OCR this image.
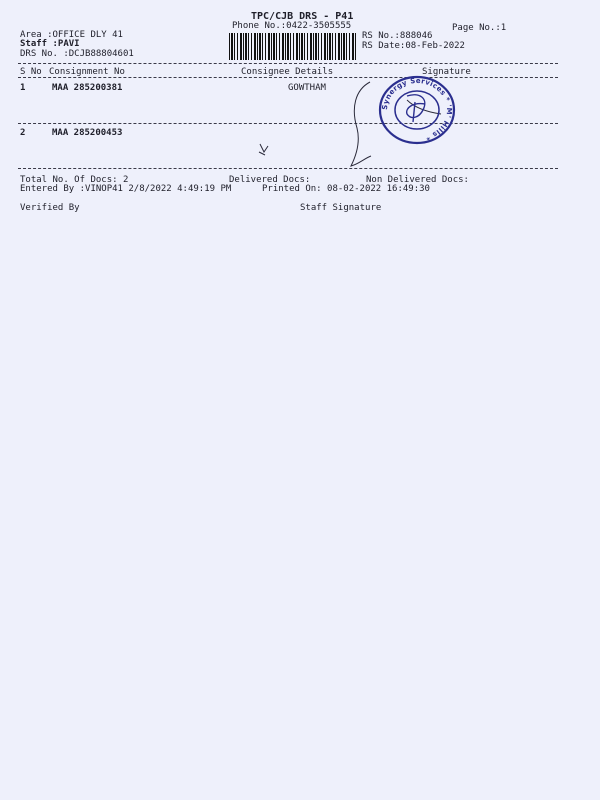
TPC/CJB DRS - P41
Phone No.:0422-3505555	Page No.:1
Area :OFFICE DLY 41
Staff :PAVI
DRS No. :DCJB88804601
RS No.:888046
RS Date:08-Feb-2022
S No Consignment No	Consignee Details	Signature
1	MAA 285200381	GOWTHAM
2	MAA 285200453
Synergy Services * 'M' Hills *
Total No. Of Docs: 2	Delivered Docs:	Non Delivered Docs:
Entered By :VINOP41 2/8/2022 4:49:19 PM	Printed On: 08-02-2022 16:49:30
Verified By	Staff Signature
